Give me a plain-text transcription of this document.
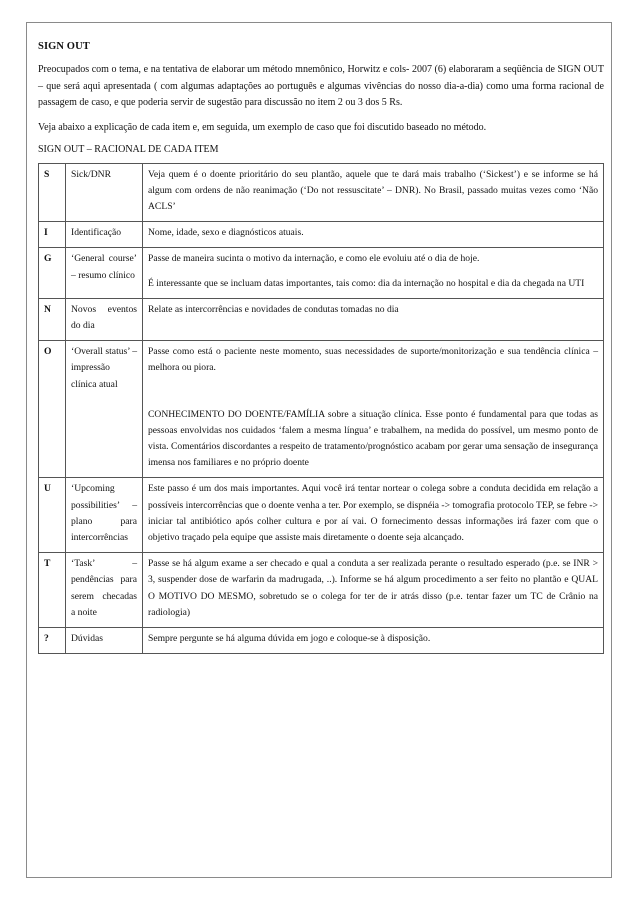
SIGN OUT

Preocupados com o tema, e na tentativa de elaborar um método mnemônico, Horwitz e cols- 2007 (6) elaboraram a seqüência de SIGN OUT – que será aqui apresentada ( com algumas adaptações ao português e algumas vivências do nosso dia-a-dia) como uma forma racional de passagem de caso, e que poderia servir de sugestão para discussão no item 2 ou 3 dos 5 Rs.

Veja abaixo a explicação de cada item e, em seguida, um exemplo de caso que foi discutido baseado no método.

SIGN OUT – RACIONAL DE CADA ITEM

S	Sick/DNR	Veja quem é o doente prioritário do seu plantão, aquele que te dará mais trabalho (‘Sickest’) e se informe se há algum com ordens de não reanimação (‘Do not ressuscitate’ – DNR). No Brasil, passado muitas vezes como ‘Não ACLS’

I	Identificação	Nome, idade, sexo e diagnósticos atuais.

G	‘General course’ – resumo clínico	Passe de maneira sucinta o motivo da internação, e como ele evoluiu até o dia de hoje.

É interessante que se incluam datas importantes, tais como: dia da internação no hospital e dia da chegada na UTI

N	Novos eventos do dia	Relate as intercorrências e novidades de condutas tomadas no dia

O	‘Overall status’ – impressão clínica atual	Passe como está o paciente neste momento, suas necessidades de suporte/monitorização e sua tendência clínica – melhora ou piora.

CONHECIMENTO DO DOENTE/FAMÍLIA sobre a situação clínica. Esse ponto é fundamental para que todas as pessoas envolvidas nos cuidados ‘falem a mesma língua’ e trabalhem, na medida do possível, um mesmo ponto de vista. Comentários discordantes a respeito de tratamento/prognóstico acabam por gerar uma sensação de insegurança imensa nos familiares e no próprio doente

U	‘Upcoming possibilities’ – plano para intercorrências	Este passo é um dos mais importantes. Aqui você irá tentar nortear o colega sobre a conduta decidida em relação a possíveis intercorrências que o doente venha a ter. Por exemplo, se dispnéia -> tomografia protocolo TEP, se febre -> iniciar tal antibiótico após colher cultura e por aí vai. O fornecimento dessas informações irá fazer com que o objetivo traçado pela equipe que assiste mais diretamente o doente seja alcançado.

T	‘Task’ – pendências para serem checadas a noite	Passe se há algum exame a ser checado e qual a conduta a ser realizada perante o resultado esperado (p.e. se INR > 3, suspender dose de warfarin da madrugada, ..). Informe se há algum procedimento a ser feito no plantão e QUAL O MOTIVO DO MESMO, sobretudo se o colega for ter de ir atrás disso (p.e. tentar fazer um TC de Crânio na radiologia)

?	Dúvidas	Sempre pergunte se há alguma dúvida em jogo e coloque-se à disposição.
